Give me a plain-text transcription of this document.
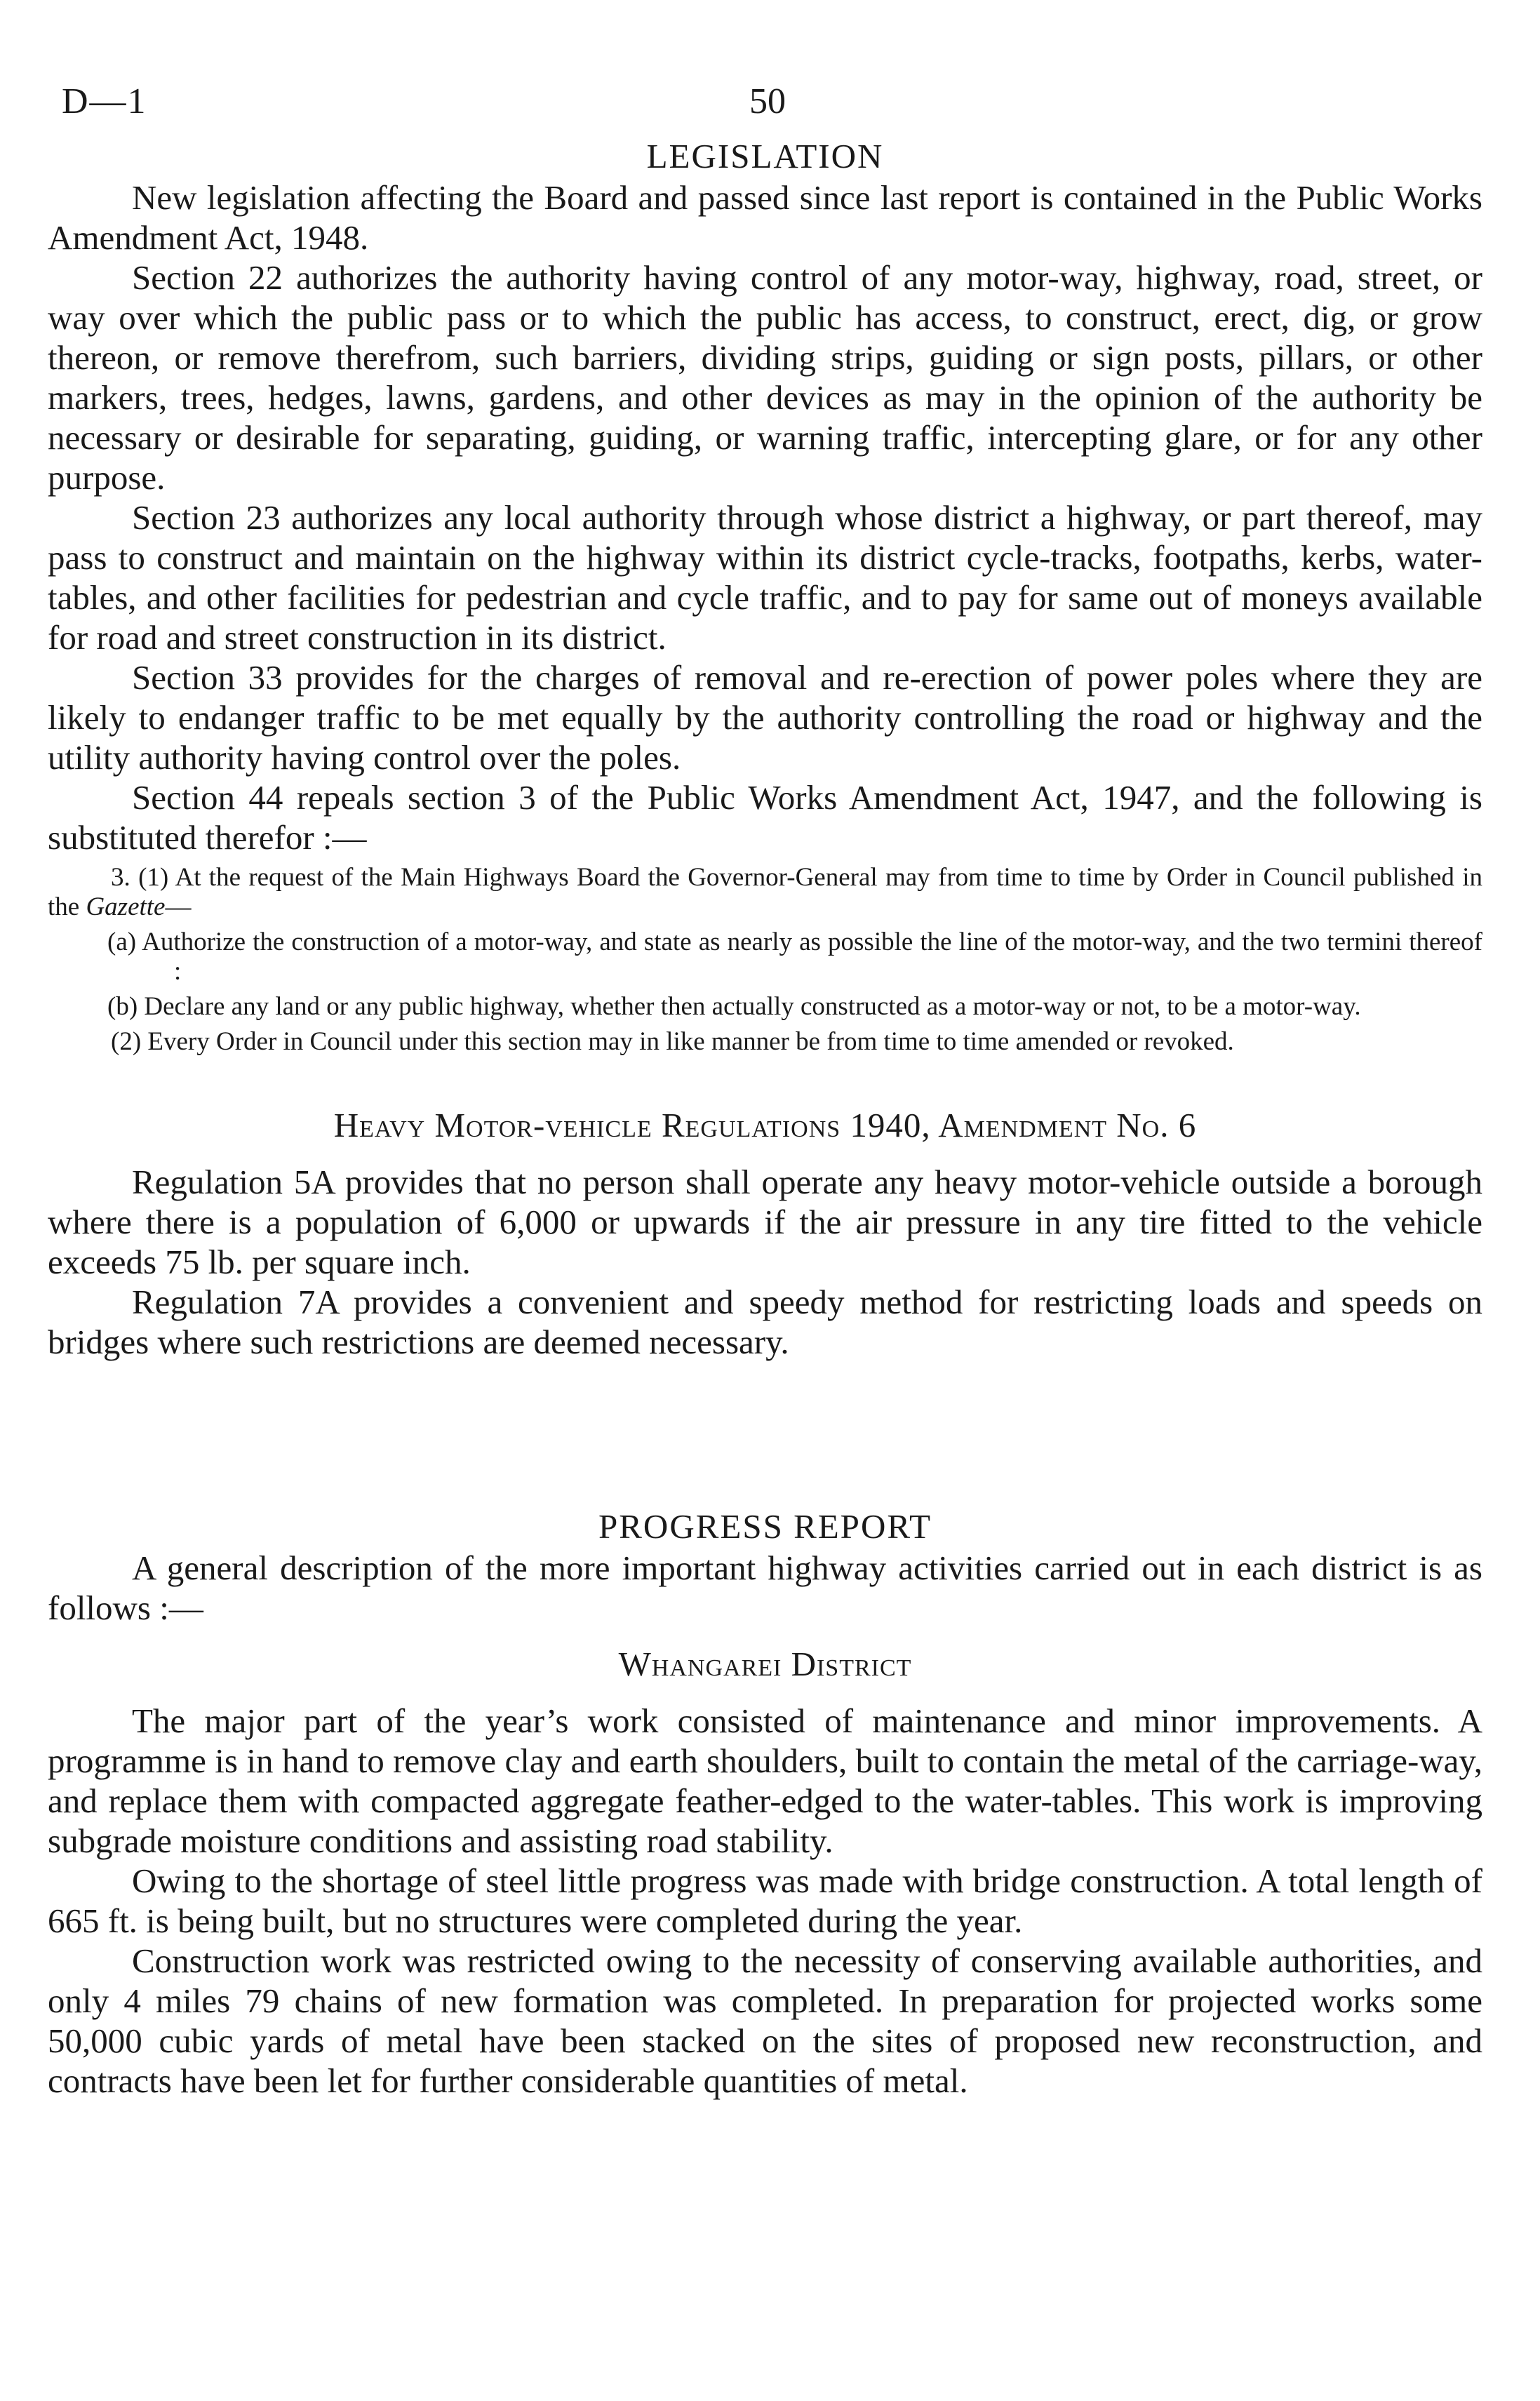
D—1	50
LEGISLATION

New legislation affecting the Board and passed since last report is contained in the Public Works Amendment Act, 1948.

Section 22 authorizes the authority having control of any motor-way, highway, road, street, or way over which the public pass or to which the public has access, to construct, erect, dig, or grow thereon, or remove therefrom, such barriers, dividing strips, guiding or sign posts, pillars, or other markers, trees, hedges, lawns, gardens, and other devices as may in the opinion of the authority be necessary or desirable for separating, guiding, or warning traffic, intercepting glare, or for any other purpose.

Section 23 authorizes any local authority through whose district a highway, or part thereof, may pass to construct and maintain on the highway within its district cycle-tracks, footpaths, kerbs, water-tables, and other facilities for pedestrian and cycle traffic, and to pay for same out of moneys available for road and street construction in its district.

Section 33 provides for the charges of removal and re-erection of power poles where they are likely to endanger traffic to be met equally by the authority controlling the road or highway and the utility authority having control over the poles.

Section 44 repeals section 3 of the Public Works Amendment Act, 1947, and the following is substituted therefor :—

3. (1) At the request of the Main Highways Board the Governor-General may from time to time by Order in Council published in the Gazette—

(a) Authorize the construction of a motor-way, and state as nearly as possible the line of the motor-way, and the two termini thereof :

(b) Declare any land or any public highway, whether then actually constructed as a motor-way or not, to be a motor-way.

(2) Every Order in Council under this section may in like manner be from time to time amended or revoked.

Heavy Motor-vehicle Regulations 1940, Amendment No. 6

Regulation 5A provides that no person shall operate any heavy motor-vehicle outside a borough where there is a population of 6,000 or upwards if the air pressure in any tire fitted to the vehicle exceeds 75 lb. per square inch.

Regulation 7A provides a convenient and speedy method for restricting loads and speeds on bridges where such restrictions are deemed necessary.

PROGRESS REPORT

A general description of the more important highway activities carried out in each district is as follows :—

Whangarei District

The major part of the year’s work consisted of maintenance and minor improvements. A programme is in hand to remove clay and earth shoulders, built to contain the metal of the carriage-way, and replace them with compacted aggregate feather-edged to the water-tables. This work is improving subgrade moisture conditions and assisting road stability.

Owing to the shortage of steel little progress was made with bridge construction. A total length of 665 ft. is being built, but no structures were completed during the year.

Construction work was restricted owing to the necessity of conserving available authorities, and only 4 miles 79 chains of new formation was completed. In preparation for projected works some 50,000 cubic yards of metal have been stacked on the sites of proposed new reconstruction, and contracts have been let for further considerable quantities of metal.
